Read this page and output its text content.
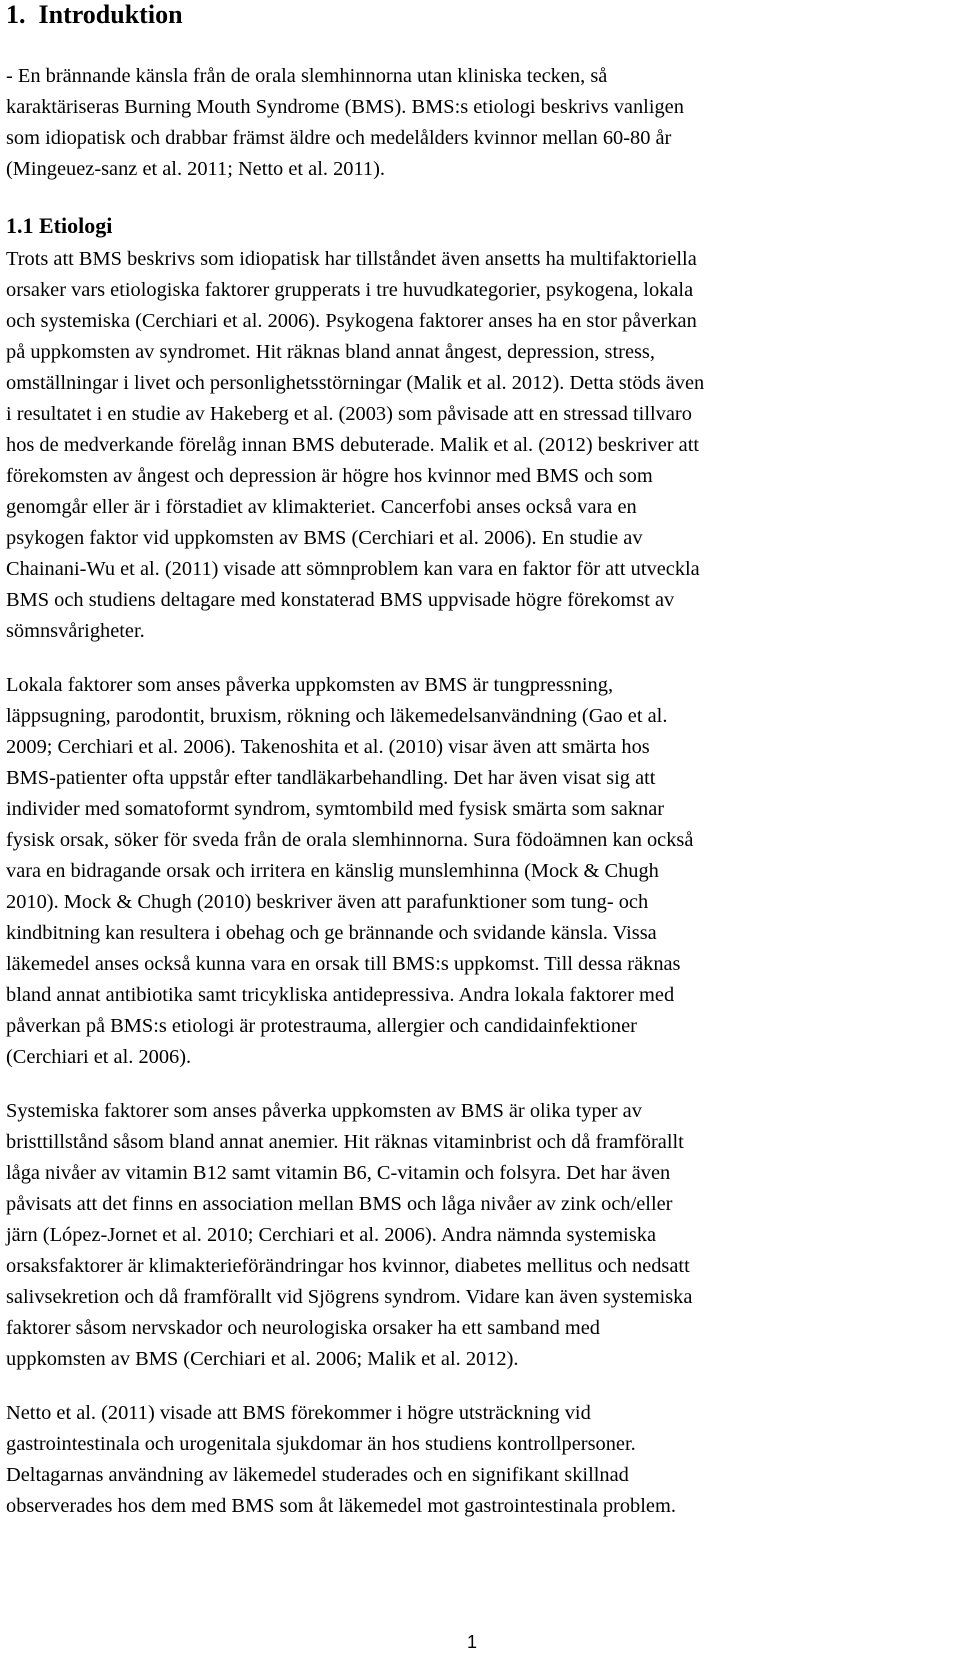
1.  Introduktion
- En brännande känsla från de orala slemhinnorna utan kliniska tecken, så
karaktäriseras Burning Mouth Syndrome (BMS). BMS:s etiologi beskrivs vanligen
som idiopatisk och drabbar främst äldre och medelålders kvinnor mellan 60-80 år
(Mingeuez-sanz et al. 2011; Netto et al. 2011).
1.1 Etiologi
Trots att BMS beskrivs som idiopatisk har tillståndet även ansetts ha multifaktoriella
orsaker vars etiologiska faktorer grupperats i tre huvudkategorier, psykogena, lokala
och systemiska (Cerchiari et al. 2006). Psykogena faktorer anses ha en stor påverkan
på uppkomsten av syndromet. Hit räknas bland annat ångest, depression, stress,
omställningar i livet och personlighetsstörningar (Malik et al. 2012). Detta stöds även
i resultatet i en studie av Hakeberg et al. (2003) som påvisade att en stressad tillvaro
hos de medverkande förelåg innan BMS debuterade. Malik et al. (2012) beskriver att
förekomsten av ångest och depression är högre hos kvinnor med BMS och som
genomgår eller är i förstadiet av klimakteriet. Cancerfobi anses också vara en
psykogen faktor vid uppkomsten av BMS (Cerchiari et al. 2006). En studie av
Chainani-Wu et al. (2011) visade att sömnproblem kan vara en faktor för att utveckla
BMS och studiens deltagare med konstaterad BMS uppvisade högre förekomst av
sömnsvårigheter.
Lokala faktorer som anses påverka uppkomsten av BMS är tungpressning,
läppsugning, parodontit, bruxism, rökning och läkemedelsanvändning (Gao et al.
2009; Cerchiari et al. 2006). Takenoshita et al. (2010) visar även att smärta hos
BMS-patienter ofta uppstår efter tandläkarbehandling. Det har även visat sig att
individer med somatoformt syndrom, symtombild med fysisk smärta som saknar
fysisk orsak, söker för sveda från de orala slemhinnorna. Sura födoämnen kan också
vara en bidragande orsak och irritera en känslig munslemhinna (Mock & Chugh
2010). Mock & Chugh (2010) beskriver även att parafunktioner som tung- och
kindbitning kan resultera i obehag och ge brännande och svidande känsla. Vissa
läkemedel anses också kunna vara en orsak till BMS:s uppkomst. Till dessa räknas
bland annat antibiotika samt tricykliska antidepressiva. Andra lokala faktorer med
påverkan på BMS:s etiologi är protestrauma, allergier och candidainfektioner
(Cerchiari et al. 2006).
Systemiska faktorer som anses påverka uppkomsten av BMS är olika typer av
bristtillstånd såsom bland annat anemier. Hit räknas vitaminbrist och då framförallt
låga nivåer av vitamin B12 samt vitamin B6, C-vitamin och folsyra. Det har även
påvisats att det finns en association mellan BMS och låga nivåer av zink och/eller
järn (López-Jornet et al. 2010; Cerchiari et al. 2006). Andra nämnda systemiska
orsaksfaktorer är klimakterieförändringar hos kvinnor, diabetes mellitus och nedsatt
salivsekretion och då framförallt vid Sjögrens syndrom. Vidare kan även systemiska
faktorer såsom nervskador och neurologiska orsaker ha ett samband med
uppkomsten av BMS (Cerchiari et al. 2006; Malik et al. 2012).
Netto et al. (2011) visade att BMS förekommer i högre utsträckning vid
gastrointestinala och urogenitala sjukdomar än hos studiens kontrollpersoner.
Deltagarnas användning av läkemedel studerades och en signifikant skillnad
observerades hos dem med BMS som åt läkemedel mot gastrointestinala problem.
1
